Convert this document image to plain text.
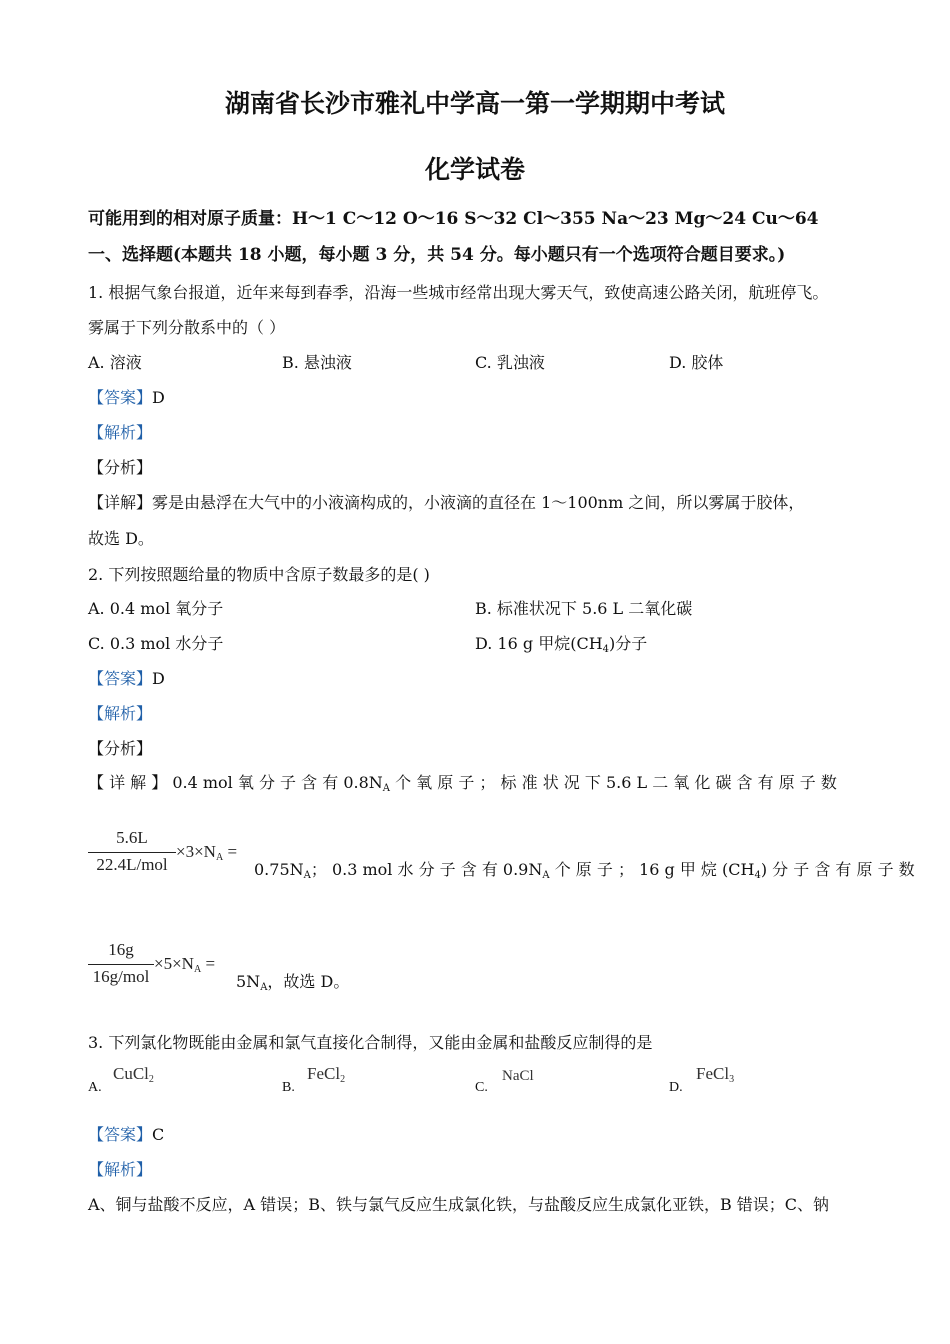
湖南省长沙市雅礼中学高一第一学期期中考试
化学试卷
可能用到的相对原子质量：H～1 C～12 O～16 S～32 Cl～355 Na～23 Mg～24 Cu～64
一、选择题(本题共 18 小题，每小题 3 分，共 54 分。每小题只有一个选项符合题目要求。)
1. 根据气象台报道，近年来每到春季，沿海一些城市经常出现大雾天气，致使高速公路关闭，航班停飞。
雾属于下列分散系中的（ ）
A. 溶液	B. 悬浊液	C. 乳浊液	D. 胶体
【答案】D
【解析】
【分析】
【详解】雾是由悬浮在大气中的小液滴构成的，小液滴的直径在 1～100nm 之间，所以雾属于胶体，
故选 D。
2. 下列按照题给量的物质中含原子数最多的是( )
A. 0.4 mol 氧分子	B. 标准状况下 5.6 L 二氧化碳
C. 0.3 mol 水分子	D. 16 g 甲烷$(CH_4)$分子
【答案】D
【解析】
【分析】
【 详 解 】 0.4 mol 氧 分 子 含 有 $0.8N_A$ 个 氧 原 子 ； 标 准 状 况 下 5.6 L 二 氧 化 碳 含 有 原 子 数
5.6L
22.4L/mol
$\times 3\times N_A$ =
$0.75N_A$； 0.3 mol 水 分 子 含 有 $0.9N_A$ 个 原 子 ； 16 g 甲 烷 $(CH_4)$ 分 子 含 有 原 子 数
16g
16g/mol
$\times 5\times N_A$ =
$5N_A$，故选 D。
3. 下列氯化物既能由金属和氯气直接化合制得，又能由金属和盐酸反应制得的是
A.
CuCl$_2$
B.
FeCl$_2$
C.
NaCl
D.
FeCl$_3$
【答案】C
【解析】
A、铜与盐酸不反应，A 错误；B、铁与氯气反应生成氯化铁，与盐酸反应生成氯化亚铁，B 错误；C、钠
